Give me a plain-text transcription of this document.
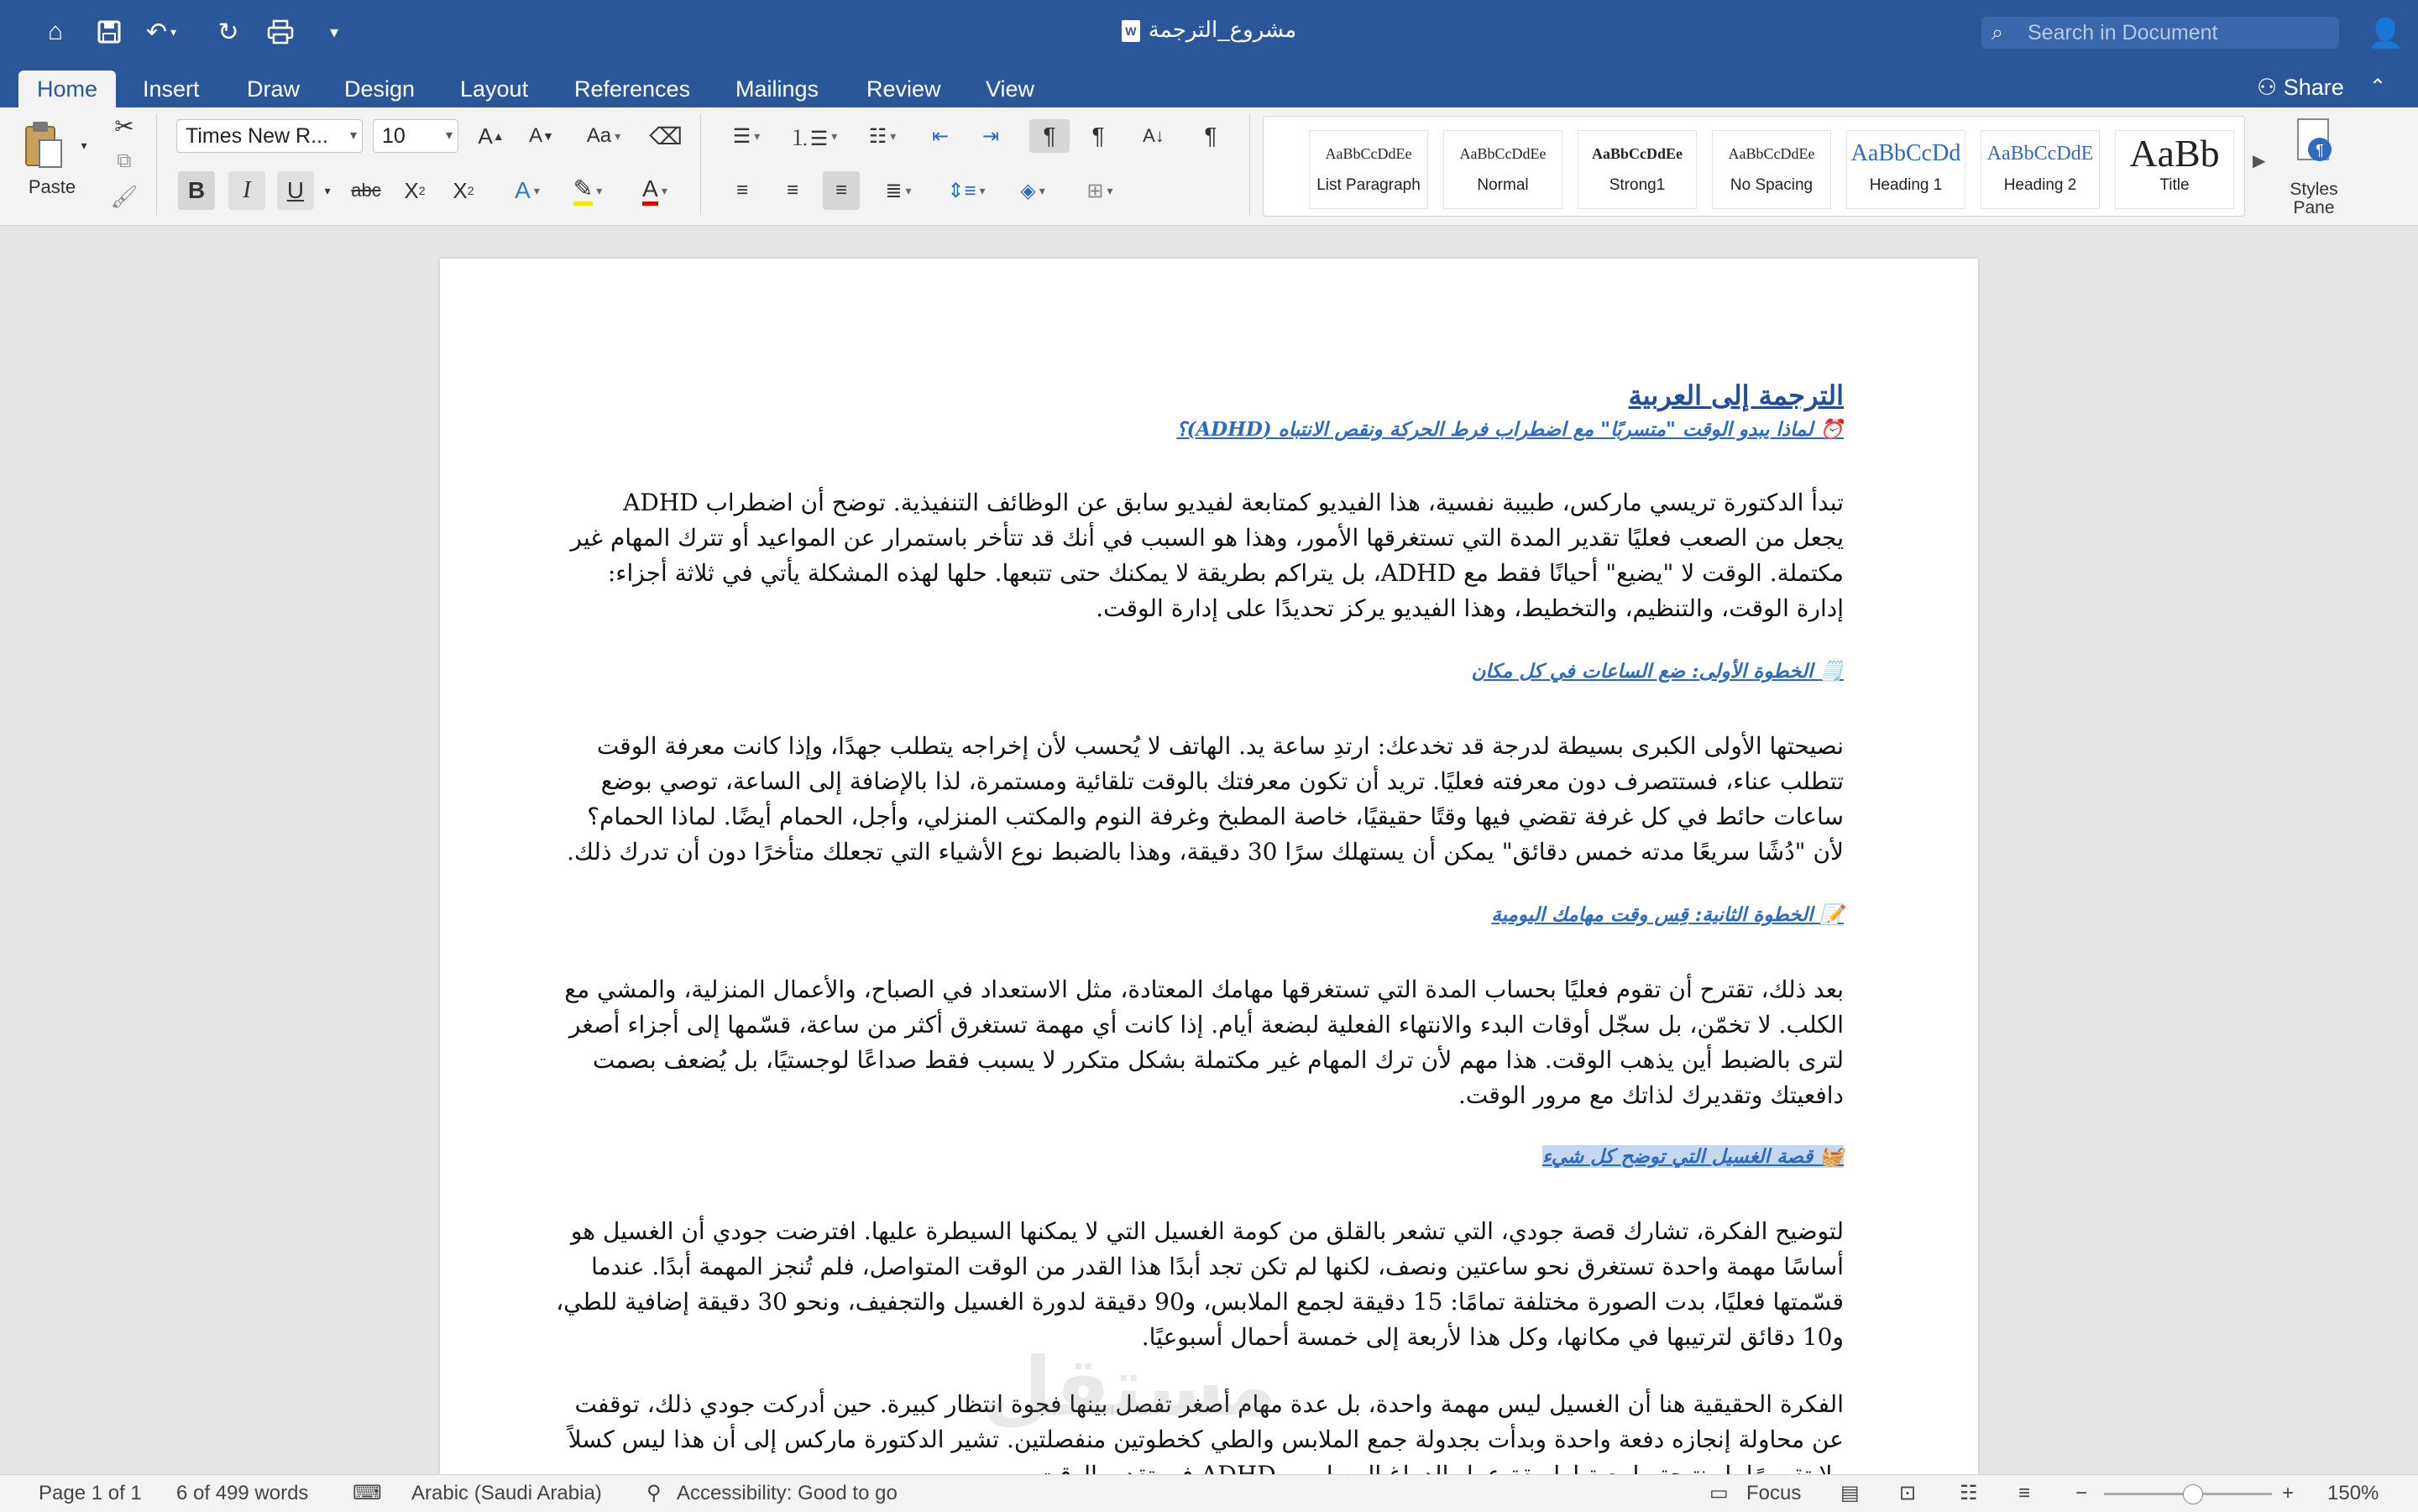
⌂	↶ ▾ ↻	▾	W مشروع_الترجمة	⌕ Search in Document	👤
Home	Insert Draw Design Layout References Mailings Review View	⚇ Share ⌃
▾
Paste
✂
⧉
🖌
Times New R... ▾	10	▾	A ▲	A ▼	Aa ▾ ⌫
B	I	U	▾ abc	X 2	X 2	A ▾ ✎ ▾ A ▾
☰ ▾ ⒈☰ ▾	☷ ▾	⇤	⇥	¶	¶	A↓	¶
≡	≡	≡	≣ ▾	⇕≡ ▾	◈ ▾	⊞ ▾
AaBbCcDdEe
List Paragraph
AaBbCcDdEe
Normal
AaBbCcDdEe
Strong1
AaBbCcDdEe
No Spacing
AaBbCcDd
Heading 1
AaBbCcDdE
Heading 2
AaBb
Title
▶
¶
Styles
Pane
الترجمة إلى العربية
⏰ لماذا يبدو الوقت "متسربًا" مع اضطراب فرط الحركة ونقص الانتباه (ADHD)؟
تبدأ الدكتورة تريسي ماركس، طبيبة نفسية، هذا الفيديو كمتابعة لفيديو سابق عن الوظائف التنفيذية. توضح أن اضطراب ADHD
يجعل من الصعب فعليًا تقدير المدة التي تستغرقها الأمور، وهذا هو السبب في أنك قد تتأخر باستمرار عن المواعيد أو تترك المهام غير
مكتملة. الوقت لا "يضيع" أحيانًا فقط مع ADHD، بل يتراكم بطريقة لا يمكنك حتى تتبعها. حلها لهذه المشكلة يأتي في ثلاثة أجزاء:
إدارة الوقت، والتنظيم، والتخطيط، وهذا الفيديو يركز تحديدًا على إدارة الوقت.
🗒️ الخطوة الأولى: ضع الساعات في كل مكان
نصيحتها الأولى الكبرى بسيطة لدرجة قد تخدعك: ارتدِ ساعة يد. الهاتف لا يُحسب لأن إخراجه يتطلب جهدًا، وإذا كانت معرفة الوقت
تتطلب عناء، فستتصرف دون معرفته فعليًا. تريد أن تكون معرفتك بالوقت تلقائية ومستمرة، لذا بالإضافة إلى الساعة، توصي بوضع
ساعات حائط في كل غرفة تقضي فيها وقتًا حقيقيًا، خاصة المطبخ وغرفة النوم والمكتب المنزلي، وأجل، الحمام أيضًا. لماذا الحمام؟
لأن "دُشًا سريعًا مدته خمس دقائق" يمكن أن يستهلك سرًا 30 دقيقة، وهذا بالضبط نوع الأشياء التي تجعلك متأخرًا دون أن تدرك ذلك.
📝 الخطوة الثانية: قِس وقت مهامك اليومية
بعد ذلك، تقترح أن تقوم فعليًا بحساب المدة التي تستغرقها مهامك المعتادة، مثل الاستعداد في الصباح، والأعمال المنزلية، والمشي مع
الكلب. لا تخمّن، بل سجّل أوقات البدء والانتهاء الفعلية لبضعة أيام. إذا كانت أي مهمة تستغرق أكثر من ساعة، قسّمها إلى أجزاء أصغر
لترى بالضبط أين يذهب الوقت. هذا مهم لأن ترك المهام غير مكتملة بشكل متكرر لا يسبب فقط صداعًا لوجستيًا، بل يُضعف بصمت
دافعيتك وتقديرك لذاتك مع مرور الوقت.
🧺 قصة الغسيل التي توضح كل شيء
لتوضيح الفكرة، تشارك قصة جودي، التي تشعر بالقلق من كومة الغسيل التي لا يمكنها السيطرة عليها. افترضت جودي أن الغسيل هو
أساسًا مهمة واحدة تستغرق نحو ساعتين ونصف، لكنها لم تكن تجد أبدًا هذا القدر من الوقت المتواصل، فلم تُنجز المهمة أبدًا. عندما
قسّمتها فعليًا، بدت الصورة مختلفة تمامًا: 15 دقيقة لجمع الملابس، و90 دقيقة لدورة الغسيل والتجفيف، ونحو 30 دقيقة إضافية للطي،
و10 دقائق لترتيبها في مكانها، وكل هذا لأربعة إلى خمسة أحمال أسبوعيًا.
الفكرة الحقيقية هنا أن الغسيل ليس مهمة واحدة، بل عدة مهام أصغر تفصل بينها فجوة انتظار كبيرة. حين أدركت جودي ذلك، توقفت
عن محاولة إنجازه دفعة واحدة وبدأت بجدولة جمع الملابس والطي كخطوتين منفصلتين. تشير الدكتورة ماركس إلى أن هذا ليس كسلاً
مستقل
Page 1 of 1 6 of 499 words ⌨ Arabic (Saudi Arabia) ⚲ Accessibility: Good to go	▭ Focus ▤ ⊡ ☷ ≡ −	+ 150%
